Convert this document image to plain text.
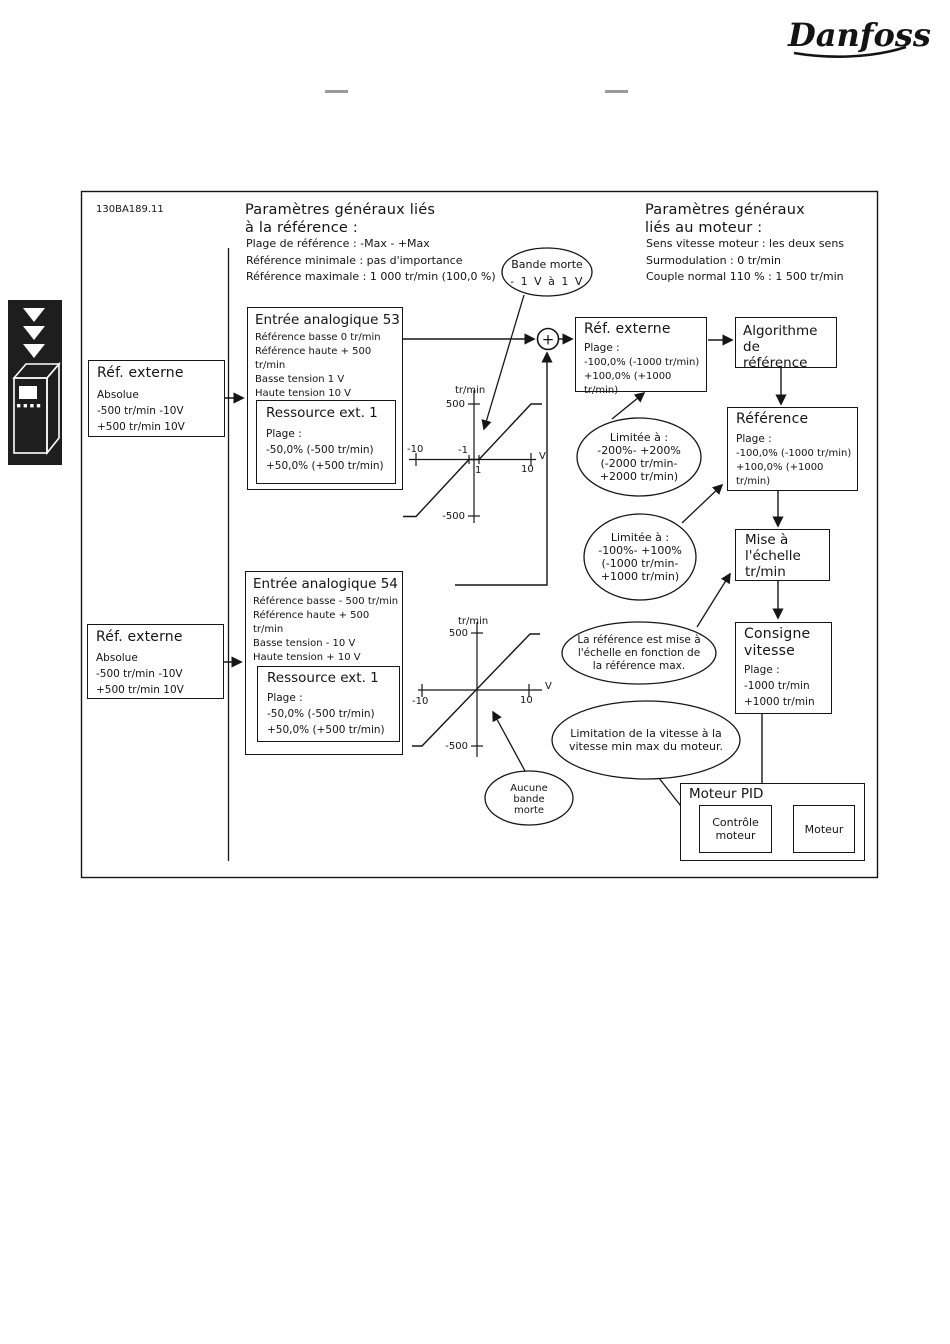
Danfoss
+
130BA189.11	Paramètres généraux liés
à la référence :
Plage de référence : -Max - +Max
Référence minimale : pas d'importance
Référence maximale : 1 000 tr/min (100,0 %)
Paramètres généraux
liés au moteur :
Sens vitesse moteur : les deux sens
Surmodulation : 0 tr/min
Couple normal 110 % : 1 500 tr/min
Réf. externe
Absolue
-500 tr/min -10V
+500 tr/min 10V
Entrée analogique 53
Référence basse 0 tr/min
Référence haute + 500 tr/min
Basse tension 1 V
Haute tension 10 V
Ressource ext. 1
Plage :
-50,0% (-500 tr/min)
+50,0% (+500 tr/min)
Réf. externe
Plage :
-100,0% (-1000 tr/min)
+100,0% (+1000 tr/min)
Algorithme de
référence
Référence
Plage :
-100,0% (-1000 tr/min)
+100,0% (+1000 tr/min)
Mise à
l'échelle
tr/min
Consigne
vitesse
Plage :
-1000 tr/min
+1000 tr/min
Réf. externe
Absolue
-500 tr/min -10V
+500 tr/min 10V
Entrée analogique 54
Référence basse - 500 tr/min
Référence haute + 500 tr/min
Basse tension - 10 V
Haute tension + 10 V
Ressource ext. 1
Plage :
-50,0% (-500 tr/min)
+50,0% (+500 tr/min)
Moteur PID
Contrôle
moteur	Moteur
Bande morte
- 1 V à 1 V
Limitée à :
-200%- +200%
(-2000 tr/min-
+2000 tr/min)
Limitée à :
-100%- +100%
(-1000 tr/min-
+1000 tr/min)
La référence est mise à
l'échelle en fonction de
la référence max.
Limitation de la vitesse à la
vitesse min max du moteur.
Aucune
bande
morte
tr/min
500
-500
-10	-1
1	10
V
tr/min
500
-500
-10	10
V
